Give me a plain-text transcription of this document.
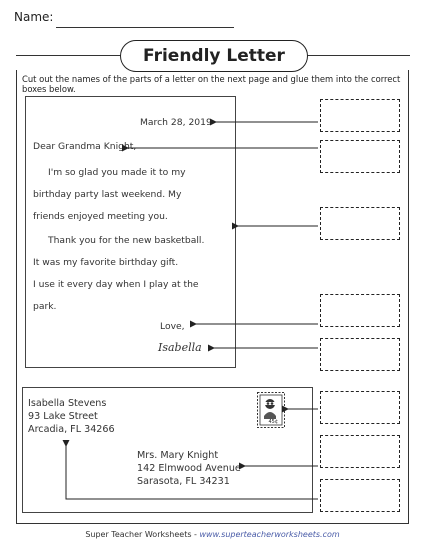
Name:
Friendly Letter
Cut out the names of the parts of a letter on the next page and glue them into the correct boxes below.
March 28, 2019
Dear Grandma Knight,
I'm so glad you made it to my
birthday party last weekend. My
friends enjoyed meeting you.
Thank you for the new basketball.
It was my favorite birthday gift.
I use it every day when I play at the
park.
Love,
Isabella
Isabella Stevens
93 Lake Street
Arcadia, FL 34266
Mrs. Mary Knight
142 Elmwood Avenue
Sarasota, FL 34231
45¢
Super Teacher Worksheets - www.superteacherworksheets.com
